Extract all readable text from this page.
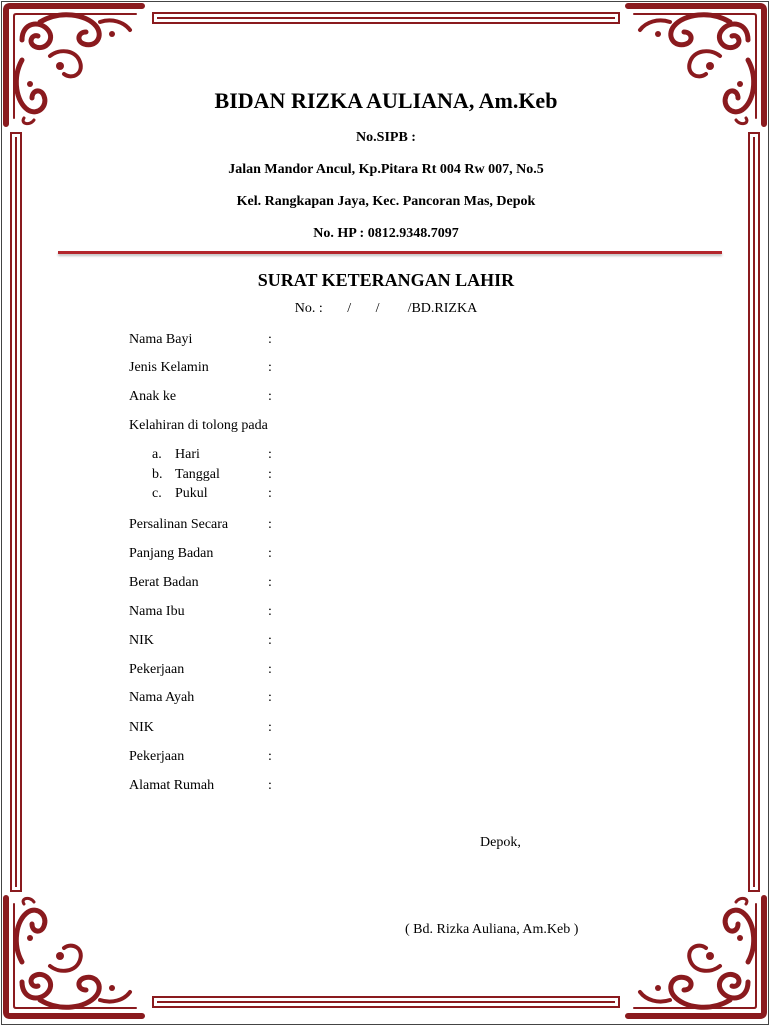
BIDAN RIZKA AULIANA, Am.Keb
No.SIPB :
Jalan Mandor Ancul, Kp.Pitara Rt 004 Rw 007, No.5
Kel. Rangkapan Jaya, Kec. Pancoran Mas, Depok
No. HP : 0812.9348.7097
SURAT KETERANGAN LAHIR
No. :       /       /        /BD.RIZKA
Nama Bayi	:
Jenis Kelamin	:
Anak ke	:
Kelahiran di tolong pada
a. Hari	:
b. Tanggal	:
c. Pukul	:
Persalinan Secara	:
Panjang Badan	:
Berat Badan	:
Nama Ibu	:
NIK	:
Pekerjaan	:
Nama Ayah	:
NIK	:
Pekerjaan	:
Alamat Rumah	:
Depok,
( Bd. Rizka Auliana, Am.Keb )
